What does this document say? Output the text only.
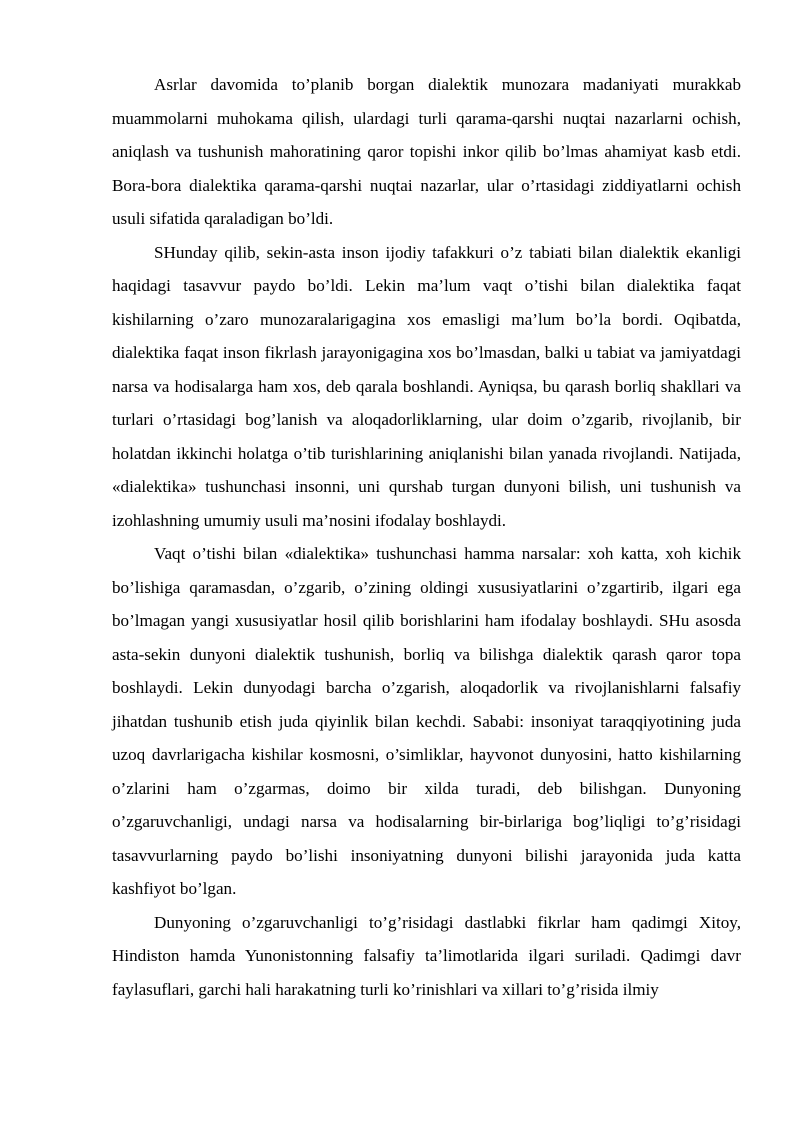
Asrlar davomida to’planib borgan dialektik munozara madaniyati murakkab muammolarni muhokama qilish, ulardagi turli qarama-qarshi nuqtai nazarlarni ochish, aniqlash va tushunish mahoratining qaror topishi inkor qilib bo’lmas ahamiyat kasb etdi. Bora-bora dialektika qarama-qarshi nuqtai nazarlar, ular o’rtasidagi ziddiyatlarni ochish usuli sifatida qaraladigan bo’ldi.

SHunday qilib, sekin-asta inson ijodiy tafakkuri o’z tabiati bilan dialektik ekanligi haqidagi tasavvur paydo bo’ldi. Lekin ma’lum vaqt o’tishi bilan dialektika faqat kishilarning o’zaro munozaralarigagina xos emasligi ma’lum bo’la bordi. Oqibatda, dialektika faqat inson fikrlash jarayonigagina xos bo’lmasdan, balki u tabiat va jamiyatdagi narsa va hodisalarga ham xos, deb qarala boshlandi. Ayniqsa, bu qarash borliq shakllari va turlari o’rtasidagi bog’lanish va aloqadorliklarning, ular doim o’zgarib, rivojlanib, bir holatdan ikkinchi holatga o’tib turishlarining aniqlanishi bilan yanada rivojlandi. Natijada, «dialektika» tushunchasi insonni, uni qurshab turgan dunyoni bilish, uni tushunish va izohlashning umumiy usuli ma’nosini ifodalay boshlaydi.

Vaqt o’tishi bilan «dialektika» tushunchasi hamma narsalar: xoh katta, xoh kichik bo’lishiga qaramasdan, o’zgarib, o’zining oldingi xususiyatlarini o’zgartirib, ilgari ega bo’lmagan yangi xususiyatlar hosil qilib borishlarini ham ifodalay boshlaydi. SHu asosda asta-sekin dunyoni dialektik tushunish, borliq va bilishga dialektik qarash qaror topa boshlaydi. Lekin dunyodagi barcha o’zgarish, aloqadorlik va rivojlanishlarni falsafiy jihatdan tushunib etish juda qiyinlik bilan kechdi. Sababi: insoniyat taraqqiyotining juda uzoq davrlarigacha kishilar kosmosni, o’simliklar, hayvonot dunyosini, hatto kishilarning o’zlarini ham o’zgarmas, doimo bir xilda turadi, deb bilishgan. Dunyoning o’zgaruvchanligi, undagi narsa va hodisalarning bir-birlariga bog’liqligi to’g’risidagi tasavvurlarning paydo bo’lishi insoniyatning dunyoni bilishi jarayonida juda katta kashfiyot bo’lgan.

Dunyoning o’zgaruvchanligi to’g’risidagi dastlabki fikrlar ham qadimgi Xitoy, Hindiston hamda Yunonistonning falsafiy ta’limotlarida ilgari suriladi. Qadimgi davr faylasuflari, garchi hali harakatning turli ko’rinishlari va xillari to’g’risida ilmiy
